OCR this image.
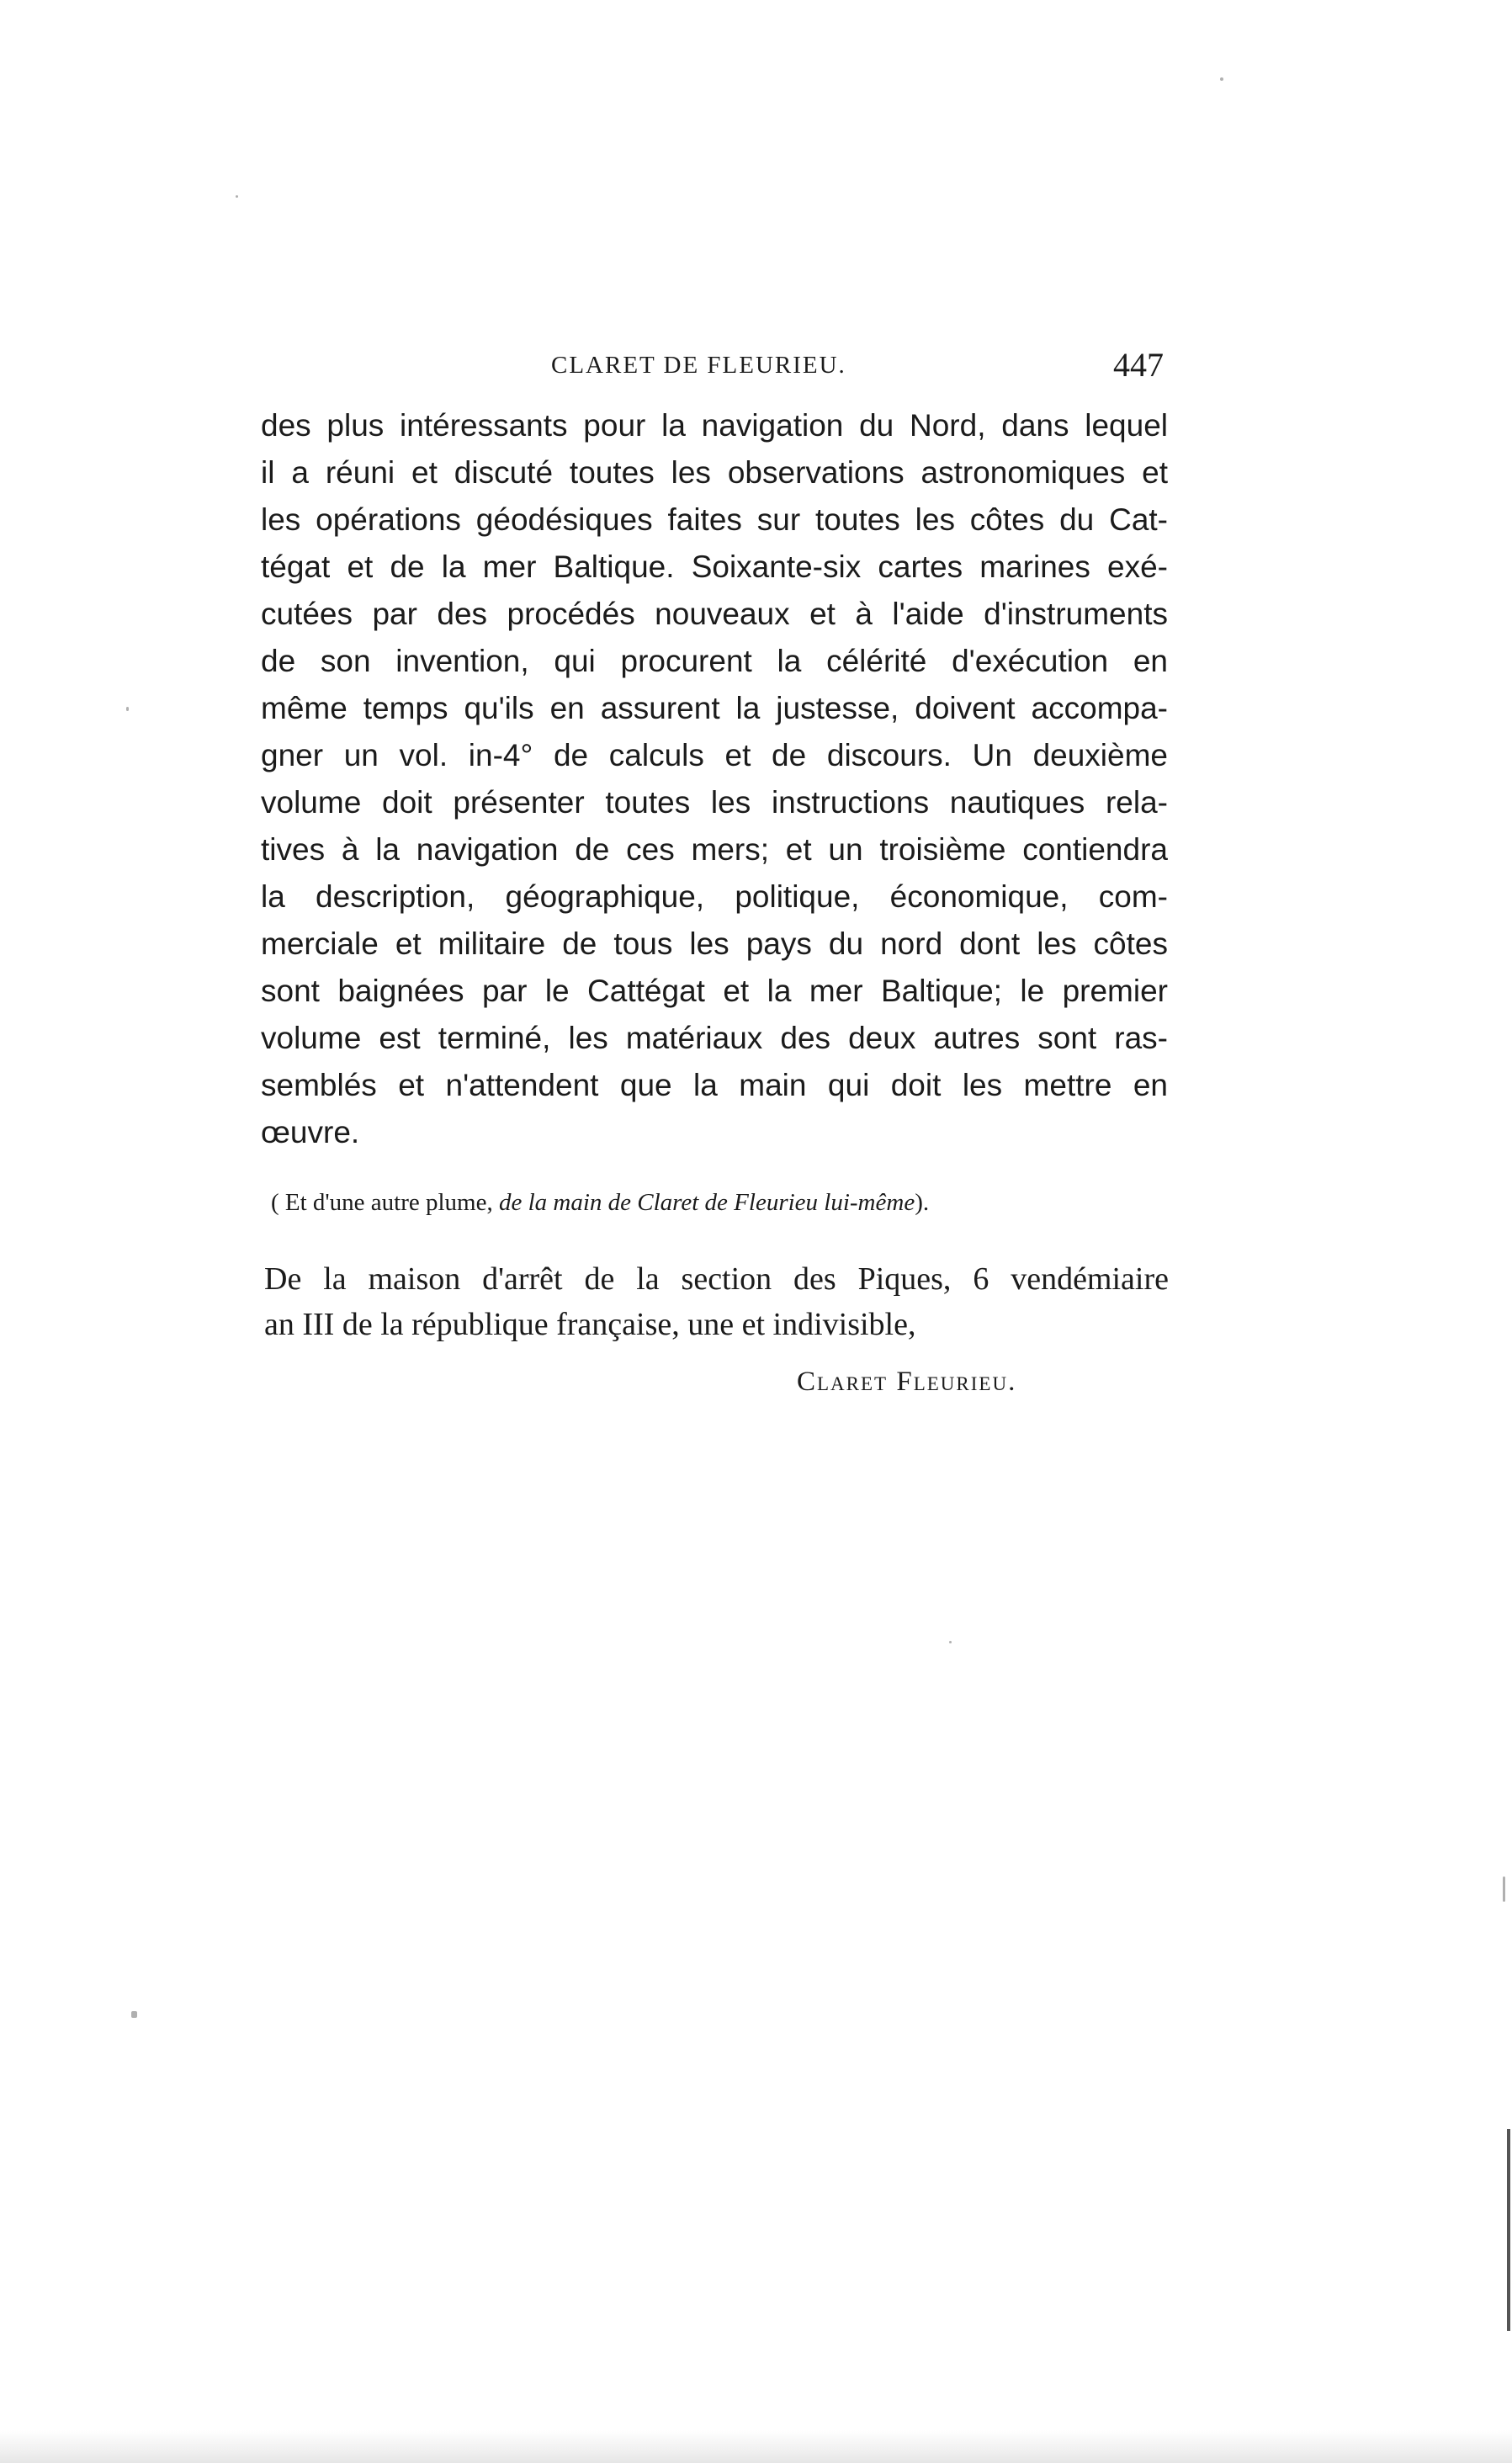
CLARET DE FLEURIEU.	447
des plus intéressants pour la navigation du Nord, dans lequel
il a réuni et discuté toutes les observations astronomiques et
les opérations géodésiques faites sur toutes les côtes du Cat-
tégat et de la mer Baltique. Soixante-six cartes marines exé-
cutées par des procédés nouveaux et à l'aide d'instruments
de son invention, qui procurent la célérité d'exécution en
même temps qu'ils en assurent la justesse, doivent accompa-
gner un vol. in-4° de calculs et de discours. Un deuxième
volume doit présenter toutes les instructions nautiques rela-
tives à la navigation de ces mers; et un troisième contiendra
la description, géographique, politique, économique, com-
merciale et militaire de tous les pays du nord dont les côtes
sont baignées par le Cattégat et la mer Baltique; le premier
volume est terminé, les matériaux des deux autres sont ras-
semblés et n'attendent que la main qui doit les mettre en
œuvre.
( Et d'une autre plume, de la main de Claret de Fleurieu lui-même).
De la maison d'arrêt de la section des Piques, 6 vendémiaire
an III de la république française, une et indivisible,
Claret Fleurieu.
